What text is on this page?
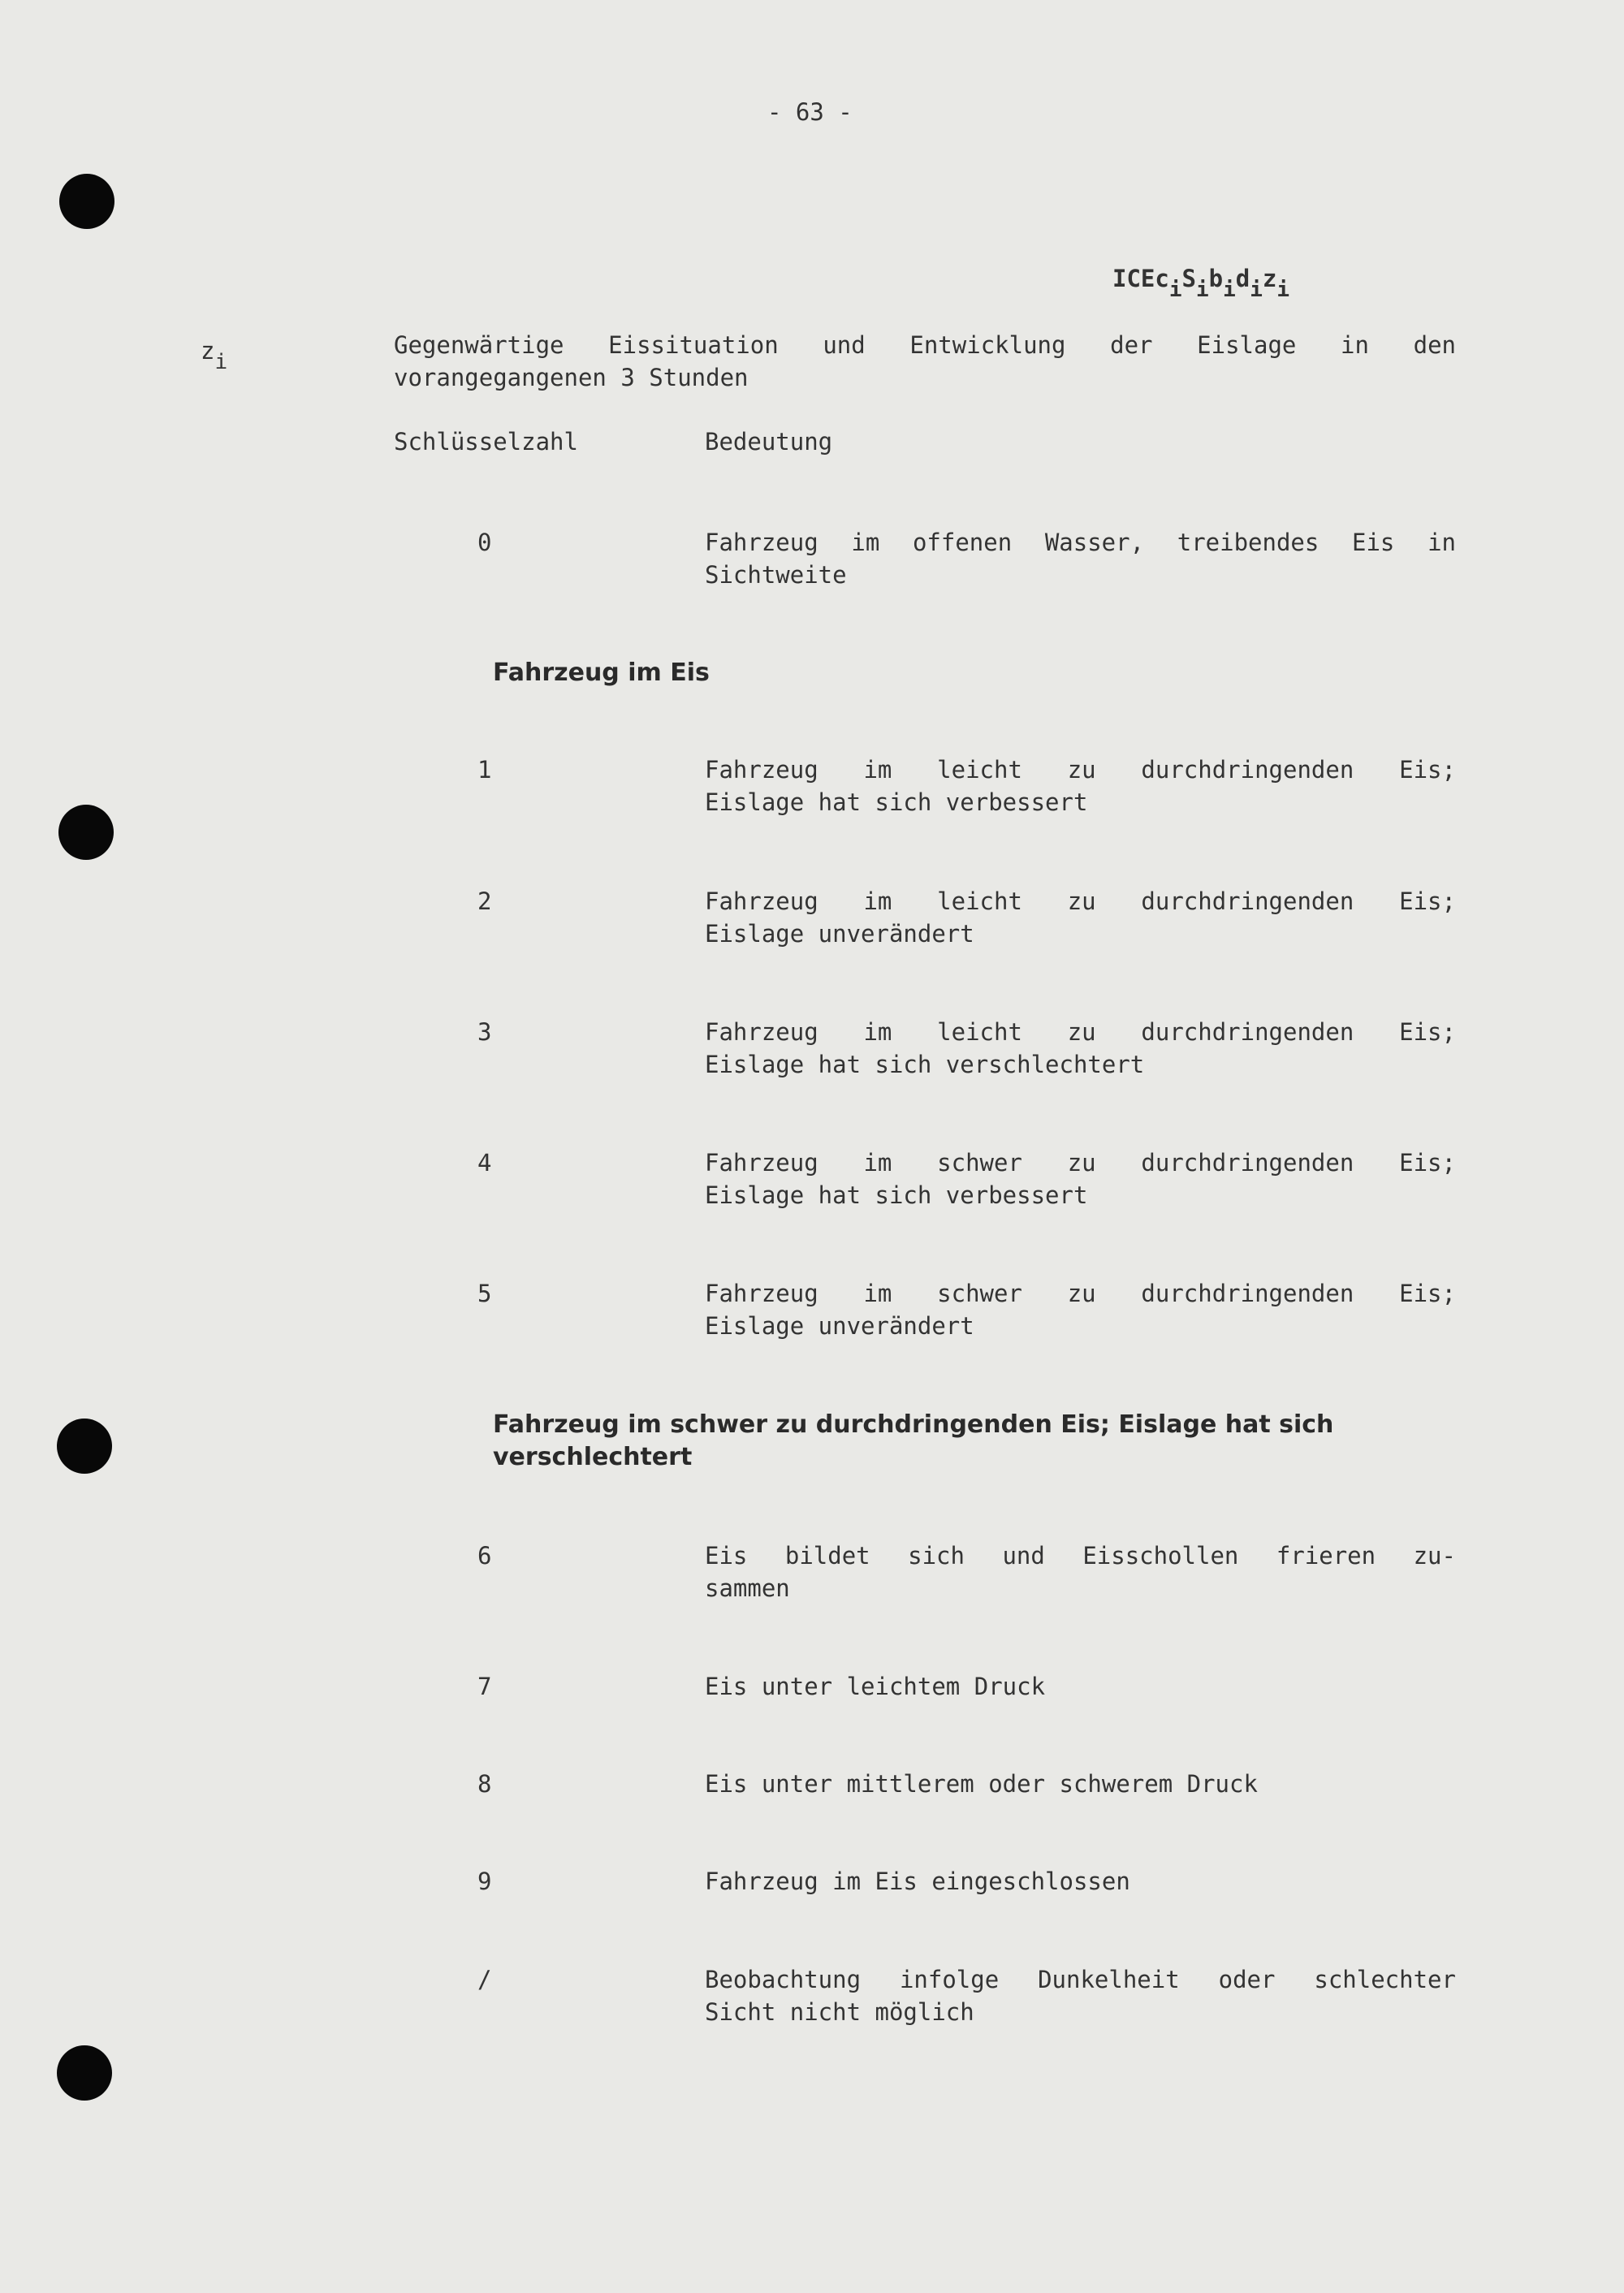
- 63 -
$ICEc_iS_ib_id_iz_i$
$z_i$
Gegenwärtige Eissituation und Entwicklung der Eislage in den
vorangegangenen 3 Stunden
Schlüsselzahl	Bedeutung
0	Fahrzeug im offenen Wasser, treibendes Eis in
Sichtweite
1	Fahrzeug im leicht zu durchdringenden Eis;
Eislage hat sich verbessert
2	Fahrzeug im leicht zu durchdringenden Eis;
Eislage unverändert
3	Fahrzeug im leicht zu durchdringenden Eis;
Eislage hat sich verschlechtert
4	Fahrzeug im schwer zu durchdringenden Eis;
Eislage hat sich verbessert
5	Fahrzeug im schwer zu durchdringenden Eis;
Eislage unverändert
6	Eis bildet sich und Eisschollen frieren zu-
sammen
7	Eis unter leichtem Druck
8	Eis unter mittlerem oder schwerem Druck
9	Fahrzeug im Eis eingeschlossen
/	Beobachtung infolge Dunkelheit oder schlechter
Sicht nicht möglich
Fahrzeug im Eis
Fahrzeug im schwer zu durchdringenden Eis; Eislage hat sich
verschlechtert
